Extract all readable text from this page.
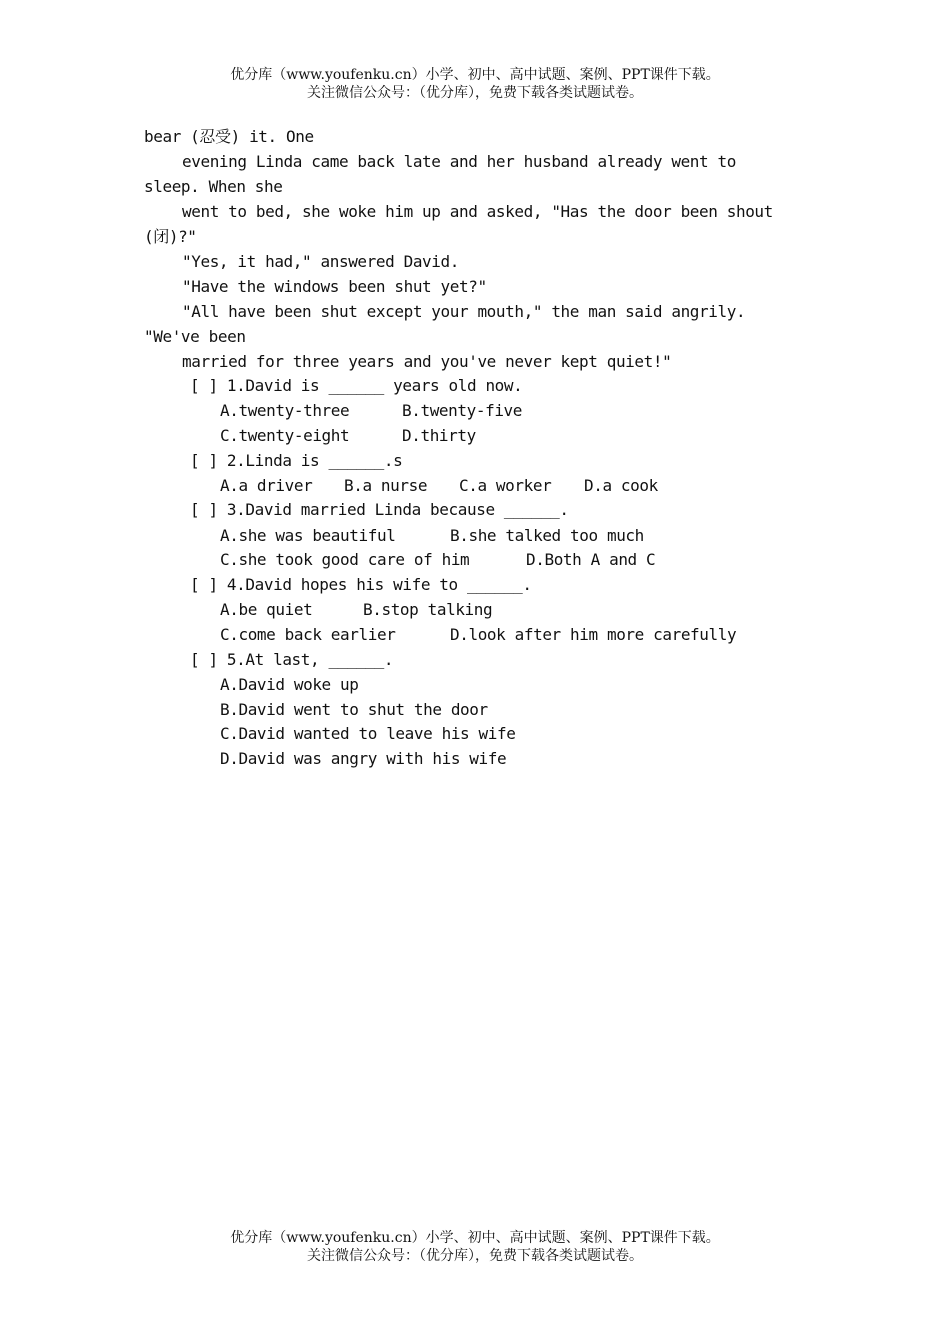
优分库（www.youfenku.cn）小学、初中、高中试题、案例、PPT课件下载。
关注微信公众号：（优分库），免费下载各类试题试卷。
bear (忍受) it. One
evening Linda came back late and her husband already went to
sleep. When she
went to bed, she woke him up and asked, "Has the door been shout
(闭)?"
"Yes, it had," answered David.
"Have the windows been shut yet?"
"All have been shut except your mouth," the man said angrily.
"We've been
married for three years and you've never kept quiet!"
[ ] 1.David is ______ years old now.
A.twenty-three	B.twenty-five
C.twenty-eight	D.thirty
[ ] 2.Linda is ______.s
A.a driver B.a nurse C.a worker D.a cook
[ ] 3.David married Linda because ______.
A.she was beautiful	B.she talked too much
C.she took good care of him	D.Both A and C
[ ] 4.David hopes his wife to ______.
A.be quiet	B.stop talking
C.come back earlier	D.look after him more carefully
[ ] 5.At last, ______.
A.David woke up
B.David went to shut the door
C.David wanted to leave his wife
D.David was angry with his wife
优分库（www.youfenku.cn）小学、初中、高中试题、案例、PPT课件下载。
关注微信公众号：（优分库），免费下载各类试题试卷。
